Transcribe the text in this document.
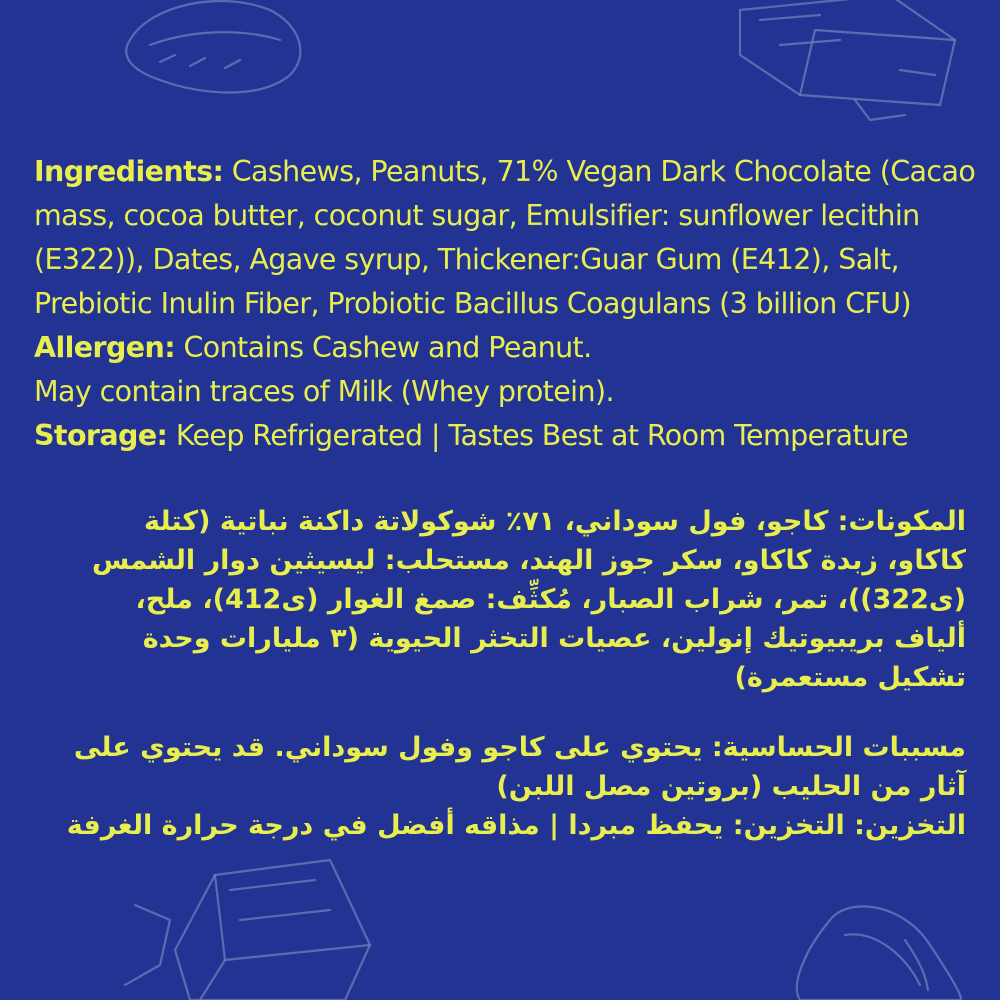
Ingredients: Cashews, Peanuts, 71% Vegan Dark Chocolate (Cacao

mass, cocoa butter, coconut sugar, Emulsifier: sunflower lecithin

(E322)), Dates, Agave syrup, Thickener:Guar Gum (E412), Salt,

Prebiotic Inulin Fiber, Probiotic Bacillus Coagulans (3 billion CFU)

Allergen: Contains Cashew and Peanut.

May contain traces of Milk (Whey protein).

Storage: Keep Refrigerated | Tastes Best at Room Temperature

المكونات: كاجو، فول سوداني، ٧١٪ شوكولاتة داكنة نباتية (كتلة

كاكاو، زبدة كاكاو، سكر جوز الهند، مستحلب: ليسيثين دوار الشمس

(ى322))، تمر، شراب الصبار، مُكثِّف: صمغ الغوار (ى412)، ملح،

ألياف بريبيوتيك إنولين، عصيات التخثر الحيوية (٣ مليارات وحدة

تشكيل مستعمرة)

مسببات الحساسية: يحتوي على كاجو وفول سوداني. قد يحتوي على

آثار من الحليب (بروتين مصل اللبن)

التخزين: التخزين: يحفظ مبردا | مذاقه أفضل في درجة حرارة الغرفة
